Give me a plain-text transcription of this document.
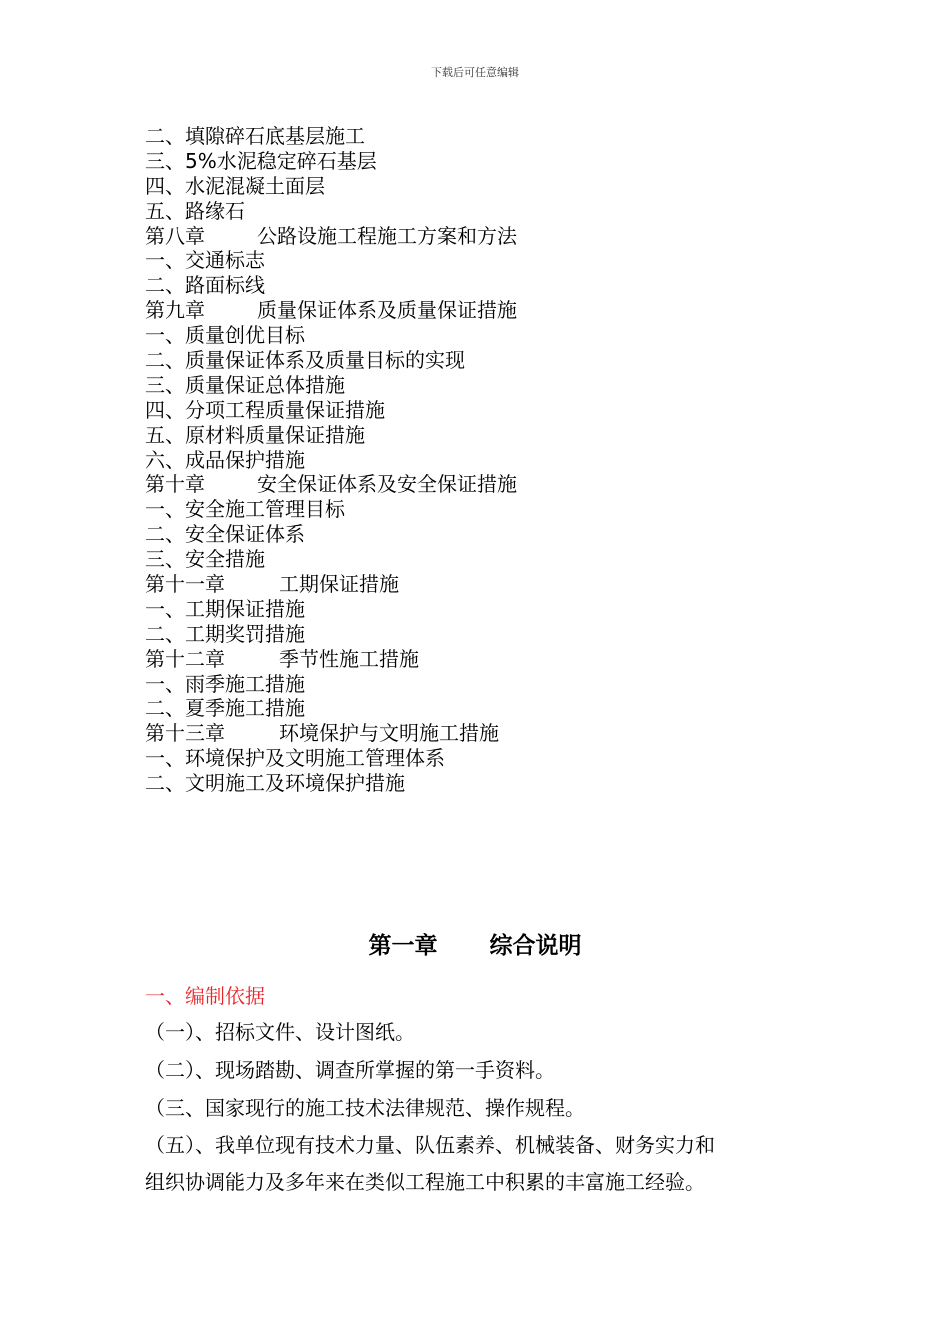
下载后可任意编辑
二、填隙碎石底基层施工
三、5%水泥稳定碎石基层
四、水泥混凝土面层
五、路缘石
第八章	公路设施工程施工方案和方法
一、交通标志
二、路面标线
第九章	质量保证体系及质量保证措施
一、质量创优目标
二、质量保证体系及质量目标的实现
三、质量保证总体措施
四、分项工程质量保证措施
五、原材料质量保证措施
六、成品保护措施
第十章	安全保证体系及安全保证措施
一、安全施工管理目标
二、安全保证体系
三、安全措施
第十一章	工期保证措施
一、工期保证措施
二、工期奖罚措施
第十二章	季节性施工措施
一、雨季施工措施
二、夏季施工措施
第十三章	环境保护与文明施工措施
一、环境保护及文明施工管理体系
二、文明施工及环境保护措施
第一章 综合说明
一、编制依据
（一）、招标文件、设计图纸。
（二）、现场踏勘、调查所掌握的第一手资料。
（三、国家现行的施工技术法律规范、操作规程。
（五）、我单位现有技术力量、队伍素养、机械装备、财务实力和
组织协调能力及多年来在类似工程施工中积累的丰富施工经验。
